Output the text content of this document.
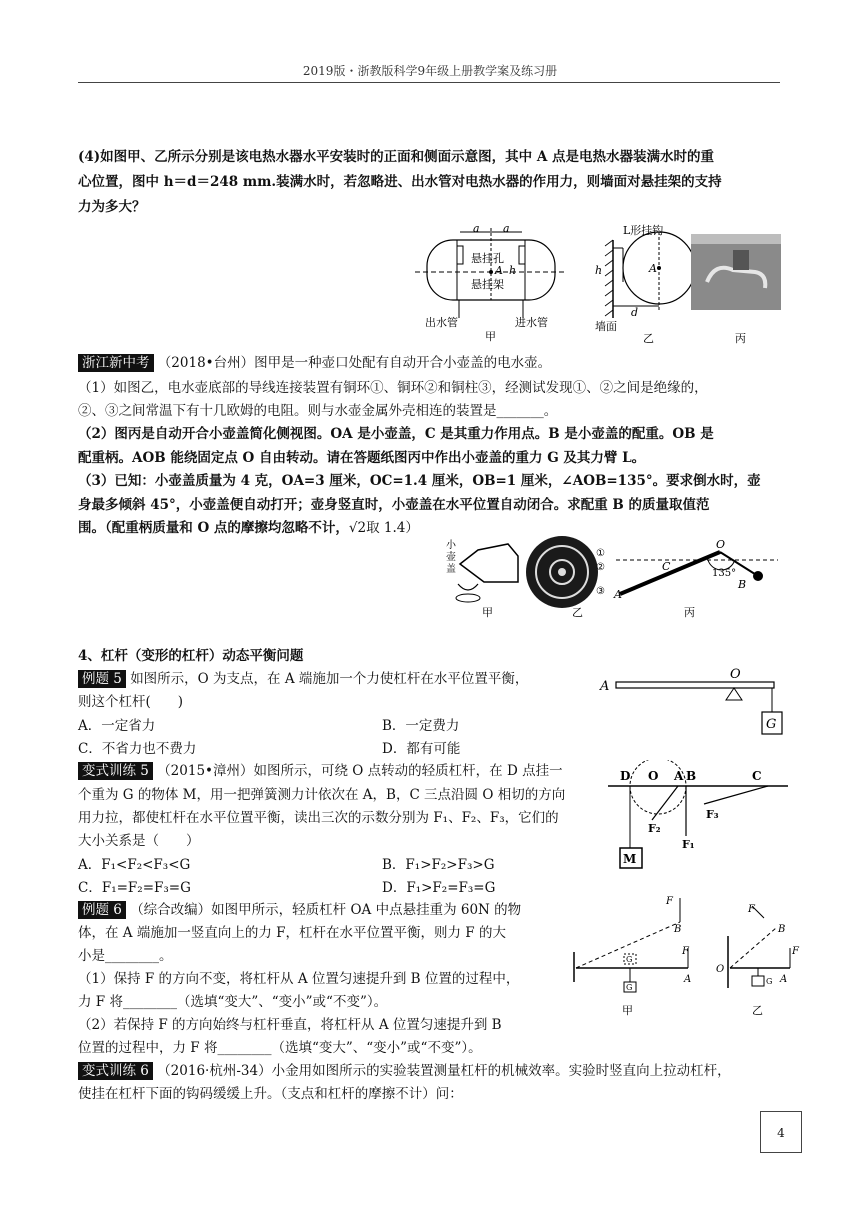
2019版・浙教版科学9年级上册教学案及练习册
(4)如图甲、乙所示分别是该电热水器水平安装时的正面和侧面示意图，其中 A 点是电热水器装满水时的重
心位置，图中 h＝d＝248 mm.装满水时，若忽略进、出水管对电热水器的作用力，则墙面对悬挂架的支持
力为多大？
a a
悬挂孔
A h
悬挂架
出水管
甲
进水管
L形挂钩
h	A
d
墙面
乙	丙
浙江新中考 （2018•台州）图甲是一种壶口处配有自动开合小壶盖的电水壶。
（1）如图乙，电水壶底部的导线连接装置有铜环①、铜环②和铜柱③，经测试发现①、②之间是绝缘的，
②、③之间常温下有十几欧姆的电阻。则与水壶金属外壳相连的装置是_______。
（2）图丙是自动开合小壶盖简化侧视图。OA 是小壶盖，C 是其重力作用点。B 是小壶盖的配重。OB 是
配重柄。AOB 能绕固定点 O 自由转动。请在答题纸图丙中作出小壶盖的重力 G 及其力臂 L。
（3）已知：小壶盖质量为 4 克，OA=3 厘米，OC=1.4 厘米，OB=1 厘米，∠AOB=135°。要求倒水时，壶
身最多倾斜 45°，小壶盖便自动打开；壶身竖直时，小壶盖在水平位置自动闭合。求配重 B 的质量取值范
围。（配重柄质量和 O 点的摩擦均忽略不计，√2取 1.4）
小
壶
盖
甲
①
②
③
乙
O
C
135°
B
A
丙
4、杠杆（变形的杠杆）动态平衡问题
例题 5 如图所示，O 为支点，在 A 端施加一个力使杠杆在水平位置平衡，
则这个杠杆(　　)
A．一定省力	B．一定费力
C．不省力也不费力	D．都有可能
O
A
G
变式训练 5 （2015•漳州）如图所示，可绕 O 点转动的轻质杠杆，在 D 点挂一
个重为 G 的物体 M，用一把弹簧测力计依次在 A，B，C 三点沿圆 O 相切的方向
用力拉，都使杠杆在水平位置平衡，读出三次的示数分别为 F₁、F₂、F₃，它们的
大小关系是（　　）
A．F₁<F₂<F₃<G	B．F₁>F₂>F₃>G
C．F₁=F₂=F₃=G	D．F₁>F₂=F₃=G
D O A B	C
F₃
F₂
F₁
M
例题 6 （综合改编）如图甲所示，轻质杠杆 OA 中点悬挂重为 60N 的物
体，在 A 端施加一竖直向上的力 F，杠杆在水平位置平衡，则力 F 的大
小是________。
（1）保持 F 的方向不变，将杠杆从 A 位置匀速提升到 B 位置的过程中，
力 F 将________（选填“变大”、“变小”或“不变”）。
（2）若保持 F 的方向始终与杠杆垂直，将杠杆从 A 位置匀速提升到 B
位置的过程中，力 F 将________（选填“变大”、“变小”或“不变”）。
F
B
G
F
G
A
甲
F
B
O
A
G
F
乙
变式训练 6 （2016·杭州-34）小金用如图所示的实验装置测量杠杆的机械效率。实验时竖直向上拉动杠杆，
使挂在杠杆下面的钩码缓缓上升。（支点和杠杆的摩擦不计）问：
4
